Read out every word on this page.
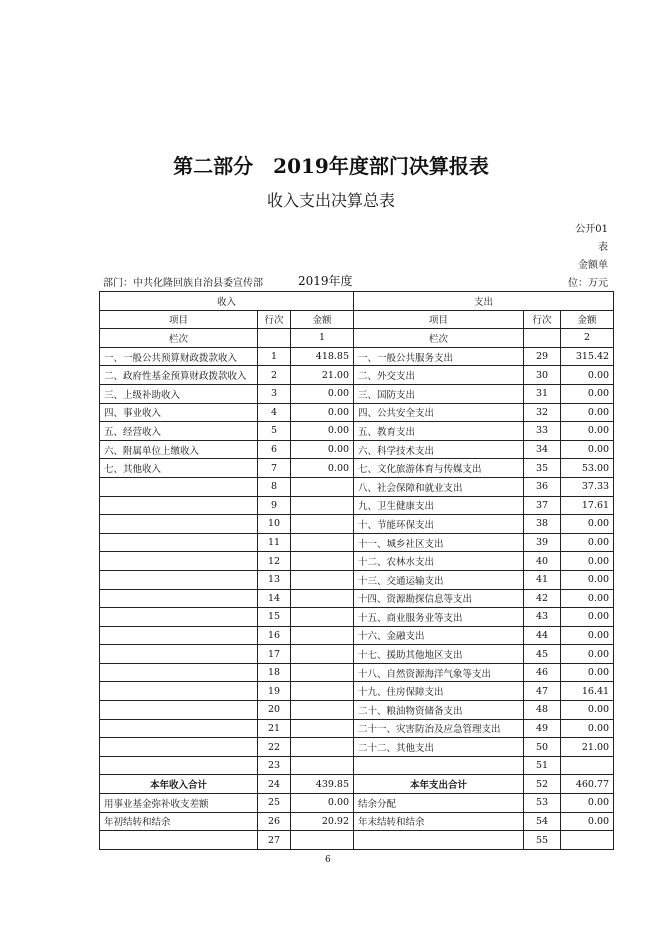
第二部分　2019年度部门决算报表
收入支出决算总表
公开01
表
金额单
位：万元
部门：中共化隆回族自治县委宣传部	2019年度
收入			支出		
项目	行次	金额	项目	行次	金额
栏次		1	栏次		2
一、一般公共预算财政拨款收入	1	418.85	一、一般公共服务支出	29	315.42
二、政府性基金预算财政拨款收入	2	21.00	二、外交支出	30	0.00
三、上级补助收入	3	0.00	三、国防支出	31	0.00
四、事业收入	4	0.00	四、公共安全支出	32	0.00
五、经营收入	5	0.00	五、教育支出	33	0.00
六、附属单位上缴收入	6	0.00	六、科学技术支出	34	0.00
七、其他收入	7	0.00	七、文化旅游体育与传媒支出	35	53.00
	8		八、社会保障和就业支出	36	37.33
	9		九、卫生健康支出	37	17.61
	10		十、节能环保支出	38	0.00
	11		十一、城乡社区支出	39	0.00
	12		十二、农林水支出	40	0.00
	13		十三、交通运输支出	41	0.00
	14		十四、资源勘探信息等支出	42	0.00
	15		十五、商业服务业等支出	43	0.00
	16		十六、金融支出	44	0.00
	17		十七、援助其他地区支出	45	0.00
	18		十八、自然资源海洋气象等支出	46	0.00
	19		十九、住房保障支出	47	16.41
	20		二十、粮油物资储备支出	48	0.00
	21		二十一、灾害防治及应急管理支出	49	0.00
	22		二十二、其他支出	50	21.00
	23			51	
本年收入合计	24	439.85	本年支出合计	52	460.77
用事业基金弥补收支差额	25	0.00	结余分配	53	0.00
年初结转和结余	26	20.92	年末结转和结余	54	0.00
	27			55	
6
